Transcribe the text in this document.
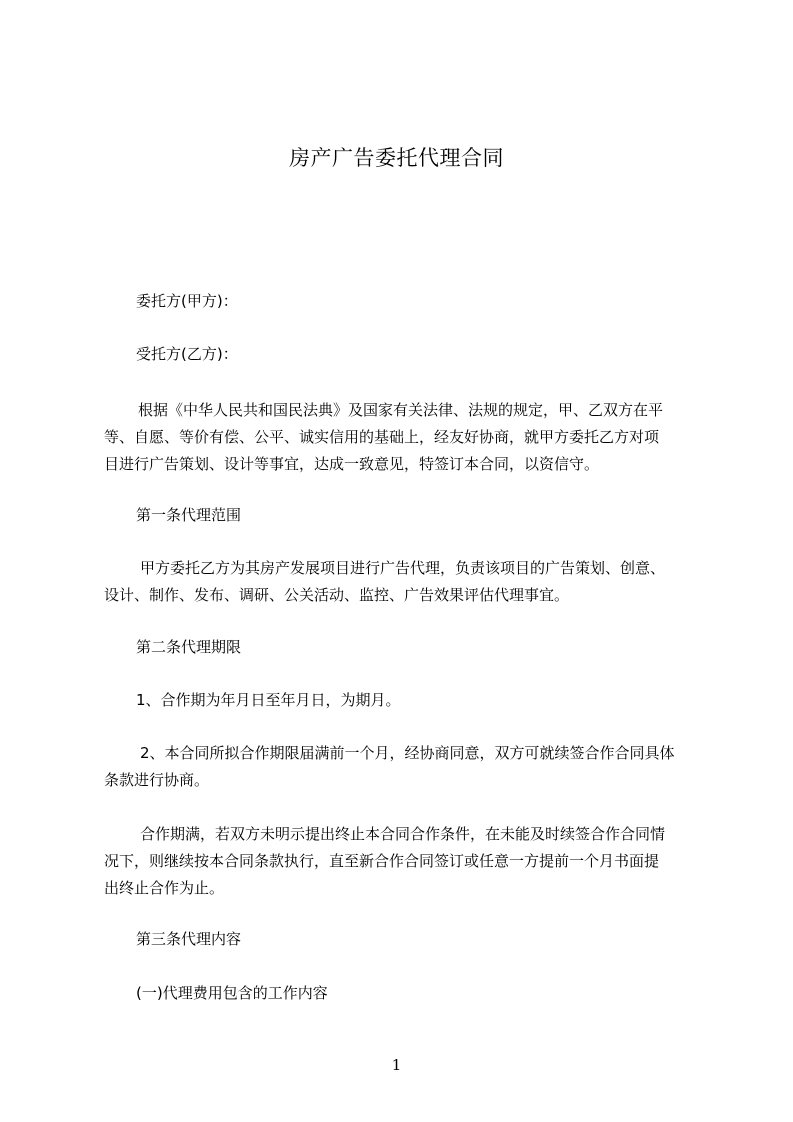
房产广告委托代理合同
委托方(甲方)：
受托方(乙方)：
根据《中华人民共和国民法典》及国家有关法律、法规的规定，甲、乙双方在平
等、自愿、等价有偿、公平、诚实信用的基础上，经友好协商，就甲方委托乙方对项
目进行广告策划、设计等事宜，达成一致意见，特签订本合同，以资信守。
第一条代理范围
甲方委托乙方为其房产发展项目进行广告代理，负责该项目的广告策划、创意、
设计、制作、发布、调研、公关活动、监控、广告效果评估代理事宜。
第二条代理期限
1、合作期为年月日至年月日，为期月。
2、本合同所拟合作期限届满前一个月，经协商同意，双方可就续签合作合同具体
条款进行协商。
合作期满，若双方未明示提出终止本合同合作条件，在未能及时续签合作合同情
况下，则继续按本合同条款执行，直至新合作合同签订或任意一方提前一个月书面提
出终止合作为止。
第三条代理内容
(一)代理费用包含的工作内容
1
